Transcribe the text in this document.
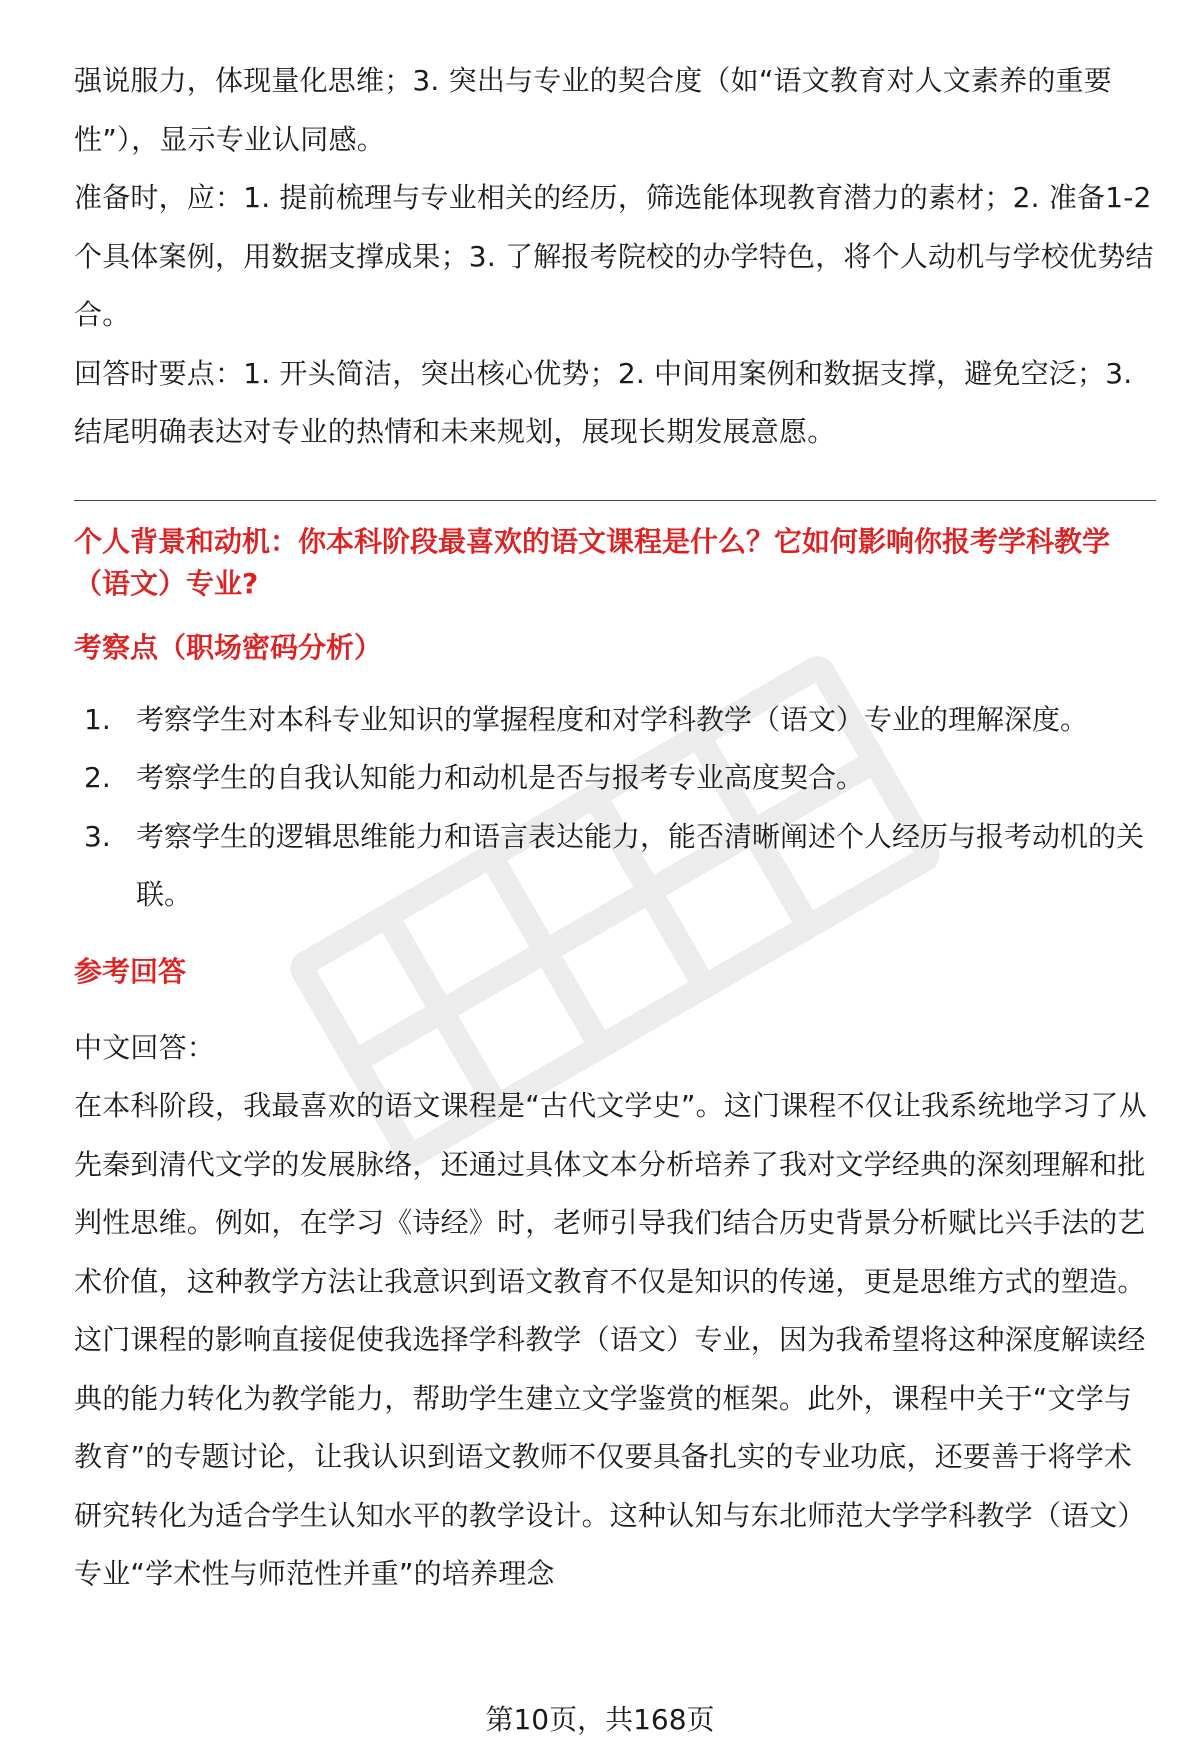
强说服力，体现量化思维；3. 突出与专业的契合度（如“语文教育对人文素养的重要性”），显示专业认同感。

准备时，应：1. 提前梳理与专业相关的经历，筛选能体现教育潜力的素材；2. 准备1-2个具体案例，用数据支撑成果；3. 了解报考院校的办学特色，将个人动机与学校优势结合。

回答时要点：1. 开头简洁，突出核心优势；2. 中间用案例和数据支撑，避免空泛；3. 结尾明确表达对专业的热情和未来规划，展现长期发展意愿。

个人背景和动机：你本科阶段最喜欢的语文课程是什么？它如何影响你报考学科教学（语文）专业?

考察点（职场密码分析）

1. 考察学生对本科专业知识的掌握程度和对学科教学（语文）专业的理解深度。
2. 考察学生的自我认知能力和动机是否与报考专业高度契合。
3. 考察学生的逻辑思维能力和语言表达能力，能否清晰阐述个人经历与报考动机的关联。

参考回答

中文回答：

在本科阶段，我最喜欢的语文课程是“古代文学史”。这门课程不仅让我系统地学习了从先秦到清代文学的发展脉络，还通过具体文本分析培养了我对文学经典的深刻理解和批判性思维。例如，在学习《诗经》时，老师引导我们结合历史背景分析赋比兴手法的艺术价值，这种教学方法让我意识到语文教育不仅是知识的传递，更是思维方式的塑造。这门课程的影响直接促使我选择学科教学（语文）专业，因为我希望将这种深度解读经典的能力转化为教学能力，帮助学生建立文学鉴赏的框架。此外，课程中关于“文学与教育”的专题讨论，让我认识到语文教师不仅要具备扎实的专业功底，还要善于将学术研究转化为适合学生认知水平的教学设计。这种认知与东北师范大学学科教学（语文）专业“学术性与师范性并重”的培养理念

第10页，共168页
